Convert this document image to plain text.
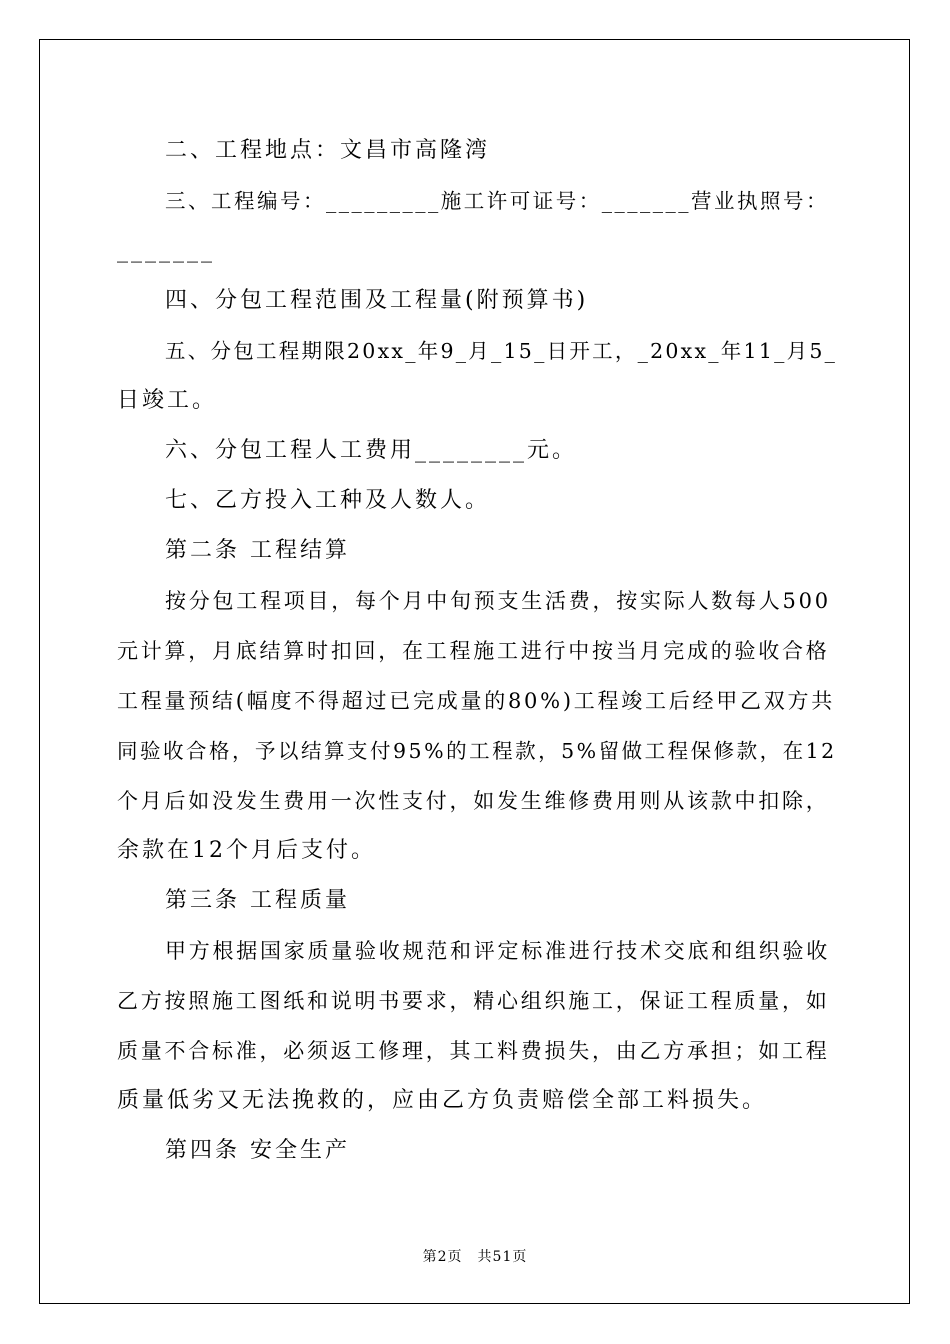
二、工程地点：文昌市高隆湾
三、工程编号：_________施工许可证号：_______营业执照号：
_______
四、分包工程范围及工程量(附预算书)
五、分包工程期限20xx_年9_月_15_日开工，_20xx_年11_月5_
日竣工。
六、分包工程人工费用________元。
七、乙方投入工种及人数人。
第二条 工程结算
按分包工程项目，每个月中旬预支生活费，按实际人数每人500
元计算，月底结算时扣回，在工程施工进行中按当月完成的验收合格
工程量预结(幅度不得超过已完成量的80%)工程竣工后经甲乙双方共
同验收合格，予以结算支付95%的工程款，5%留做工程保修款，在12
个月后如没发生费用一次性支付，如发生维修费用则从该款中扣除，
余款在12个月后支付。
第三条 工程质量
甲方根据国家质量验收规范和评定标准进行技术交底和组织验收
乙方按照施工图纸和说明书要求，精心组织施工，保证工程质量，如
质量不合标准，必须返工修理，其工料费损失，由乙方承担；如工程
质量低劣又无法挽救的，应由乙方负责赔偿全部工料损失。
第四条 安全生产
第2页　共51页
